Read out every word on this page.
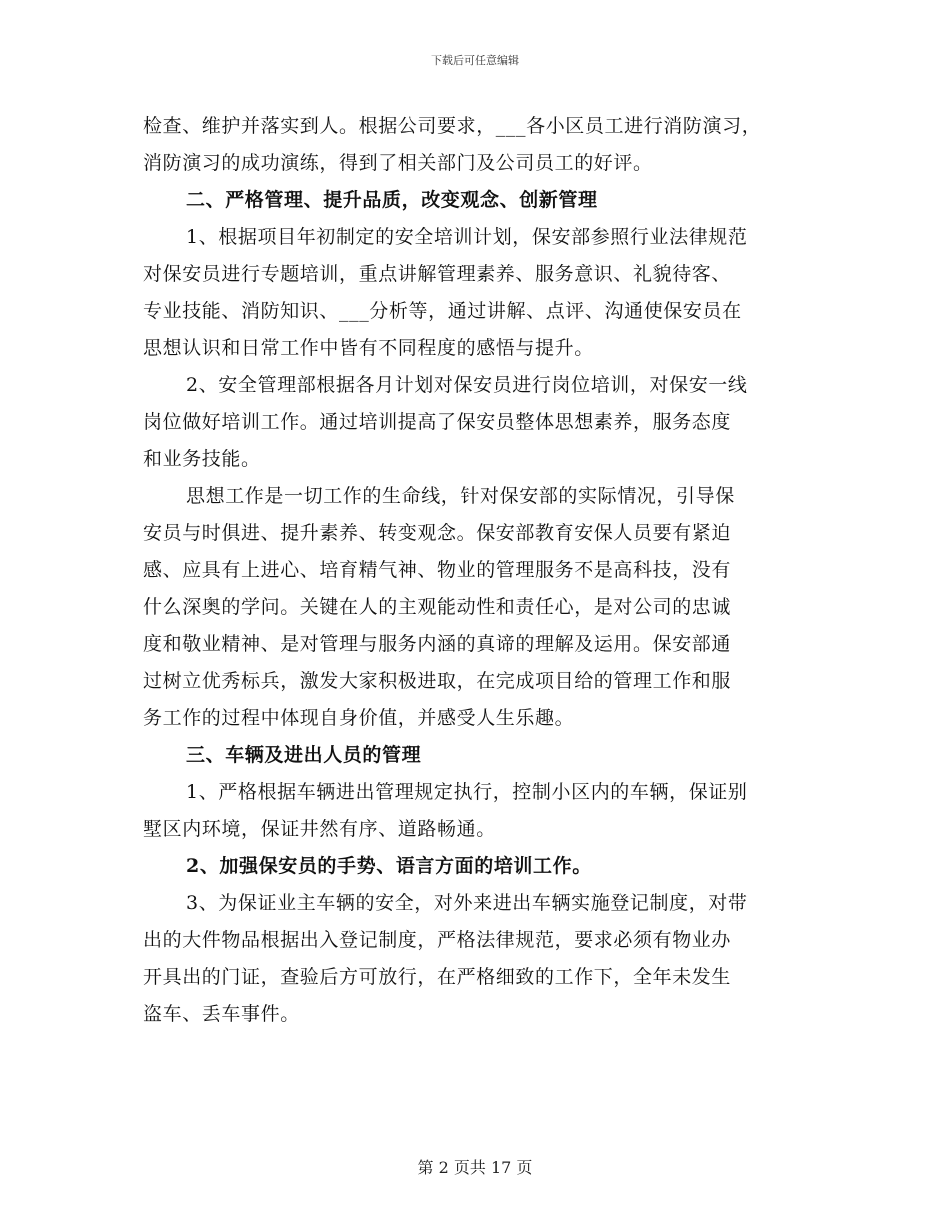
下载后可任意编辑
检查、维护并落实到人。根据公司要求，___各小区员工进行消防演习，
消防演习的成功演练，得到了相关部门及公司员工的好评。
二、严格管理、提升品质，改变观念、创新管理
1、根据项目年初制定的安全培训计划，保安部参照行业法律规范
对保安员进行专题培训，重点讲解管理素养、服务意识、礼貌待客、
专业技能、消防知识、___分析等，通过讲解、点评、沟通使保安员在
思想认识和日常工作中皆有不同程度的感悟与提升。
2、安全管理部根据各月计划对保安员进行岗位培训，对保安一线
岗位做好培训工作。通过培训提高了保安员整体思想素养，服务态度
和业务技能。
思想工作是一切工作的生命线，针对保安部的实际情况，引导保
安员与时俱进、提升素养、转变观念。保安部教育安保人员要有紧迫
感、应具有上进心、培育精气神、物业的管理服务不是高科技，没有
什么深奥的学问。关键在人的主观能动性和责任心，是对公司的忠诚
度和敬业精神、是对管理与服务内涵的真谛的理解及运用。保安部通
过树立优秀标兵，激发大家积极进取，在完成项目给的管理工作和服
务工作的过程中体现自身价值，并感受人生乐趣。
三、车辆及进出人员的管理
1、严格根据车辆进出管理规定执行，控制小区内的车辆，保证别
墅区内环境，保证井然有序、道路畅通。
2、加强保安员的手势、语言方面的培训工作。
3、为保证业主车辆的安全，对外来进出车辆实施登记制度，对带
出的大件物品根据出入登记制度，严格法律规范，要求必须有物业办
开具出的门证，查验后方可放行，在严格细致的工作下，全年未发生
盗车、丢车事件。
第 2 页共 17 页
